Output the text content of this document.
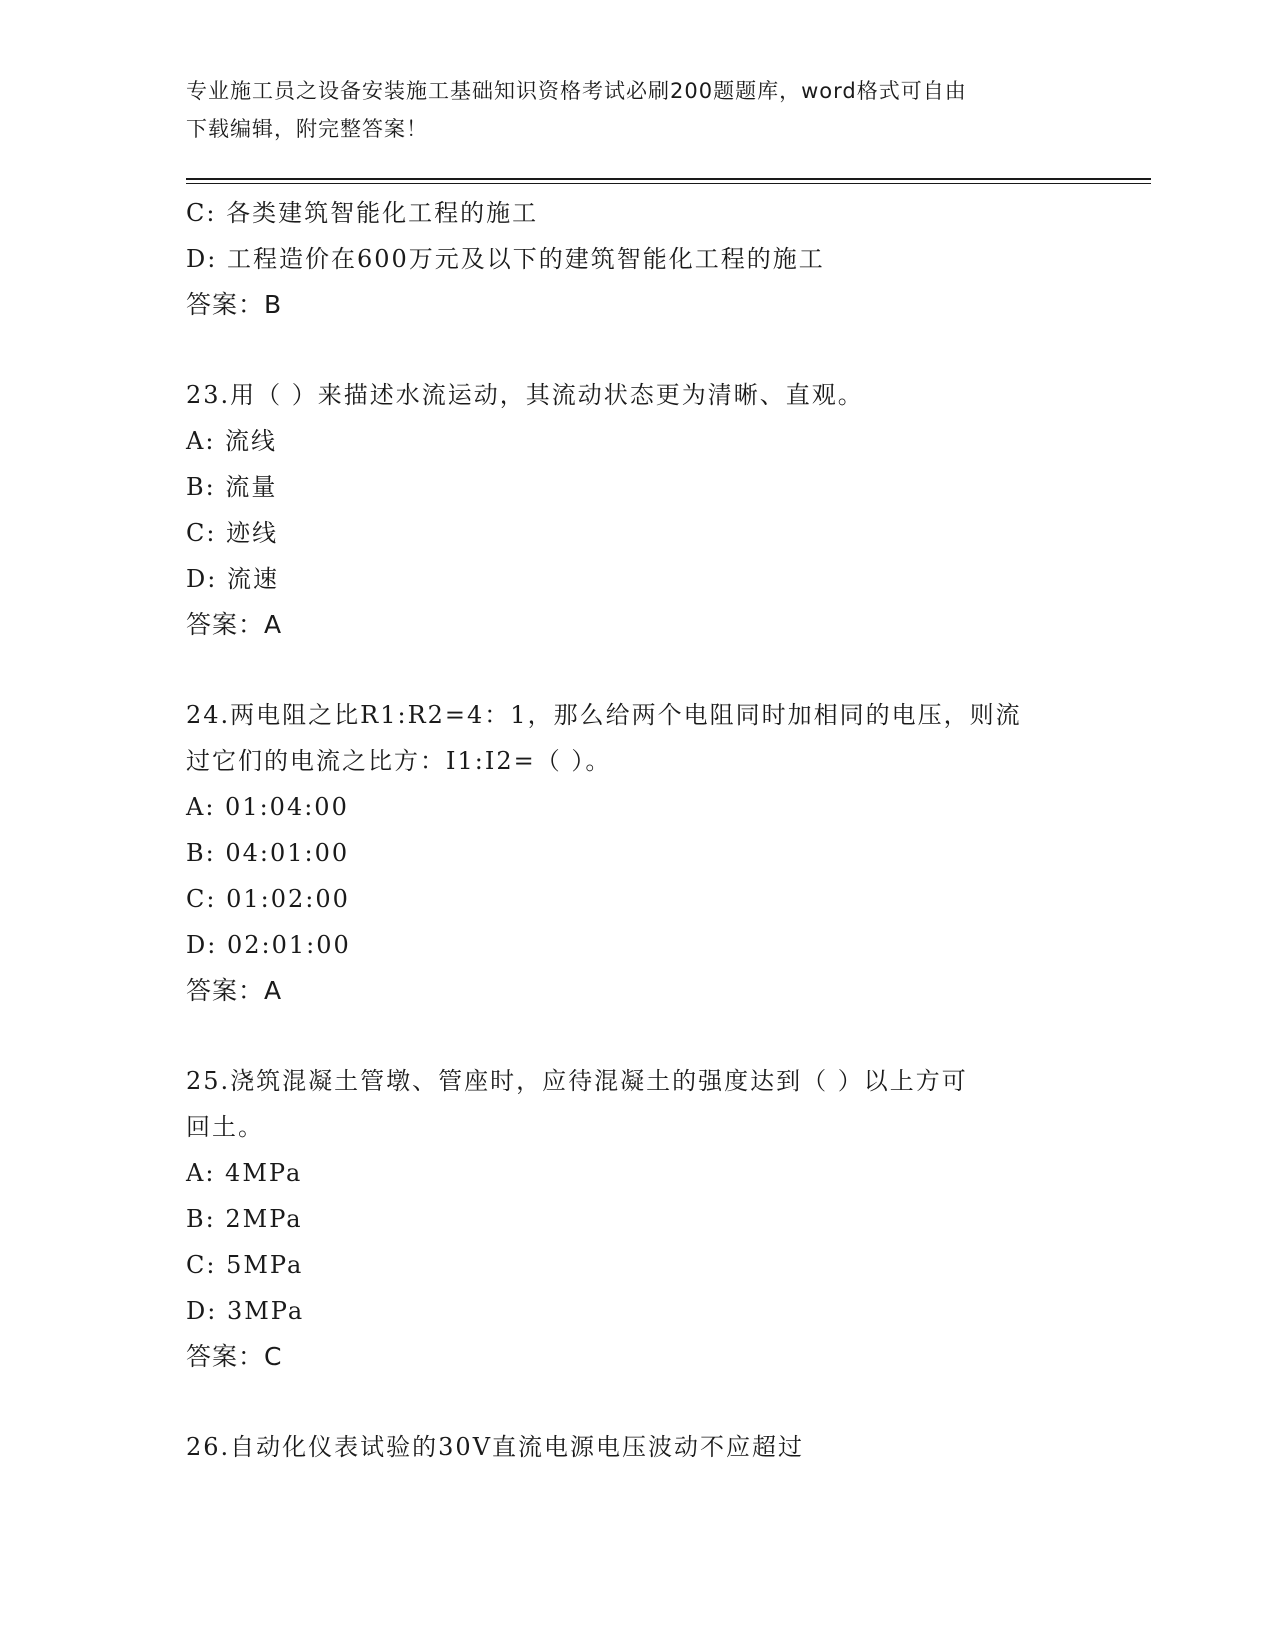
专业施工员之设备安装施工基础知识资格考试必刷200题题库，word格式可自由
下载编辑，附完整答案！
C: 各类建筑智能化工程的施工
D: 工程造价在600万元及以下的建筑智能化工程的施工
答案：B
23.用（ ）来描述水流运动，其流动状态更为清晰、直观。
A: 流线
B: 流量
C: 迹线
D: 流速
答案：A
24.两电阻之比R1:R2=4：1，那么给两个电阻同时加相同的电压，则流
过它们的电流之比方：I1:I2=（ ）。
A: 01:04:00
B: 04:01:00
C: 01:02:00
D: 02:01:00
答案：A
25.浇筑混凝土管墩、管座时，应待混凝土的强度达到（ ）以上方可
回土。
A: 4MPa
B: 2MPa
C: 5MPa
D: 3MPa
答案：C
26.自动化仪表试验的30V直流电源电压波动不应超过
